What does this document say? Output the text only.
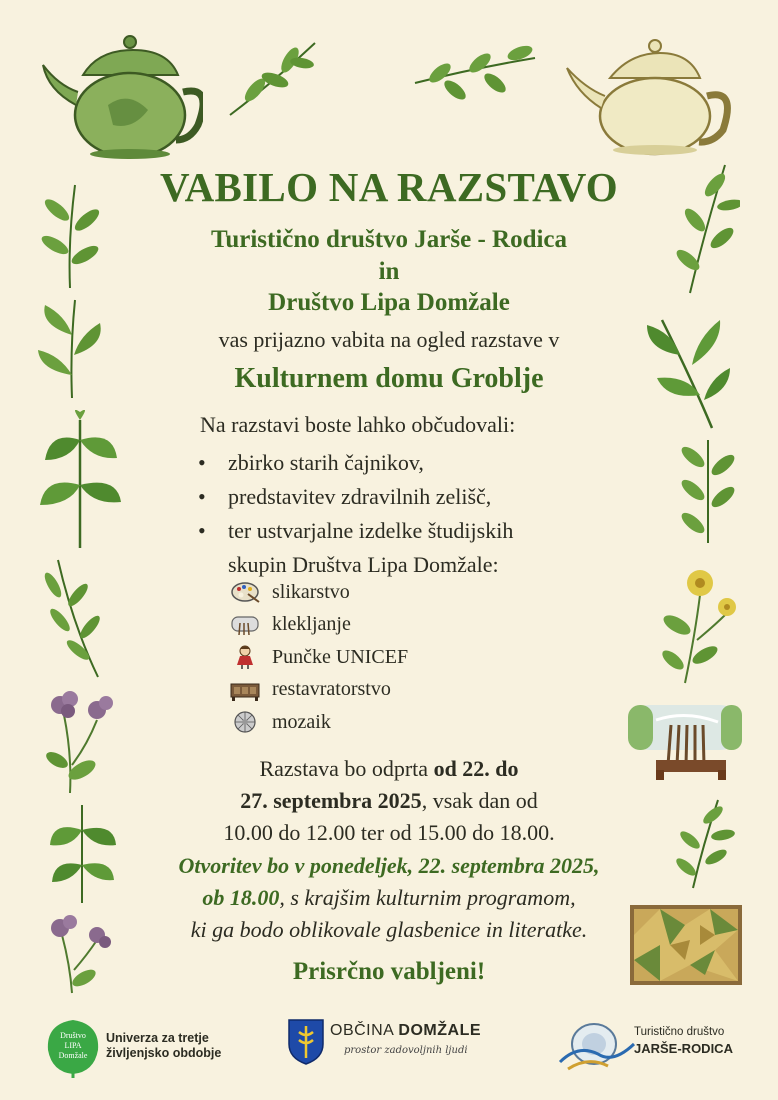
VABILO NA RAZSTAVO
Turistično društvo Jarše - Rodica
in
Društvo Lipa Domžale
vas prijazno vabita na ogled razstave v
Kulturnem domu Groblje
Na razstavi boste lahko občudovali:
• zbirko starih čajnikov,
• predstavitev zdravilnih zelišč,
• ter ustvarjalne izdelke študijskih
skupin Društva Lipa Domžale:
slikarstvo
klekljanje
Punčke UNICEF
restavratorstvo
mozaik
Razstava bo odprta od 22. do
27. septembra 2025, vsak dan od
10.00 do 12.00 ter od 15.00 do 18.00.
Otvoritev bo v ponedeljek, 22. septembra 2025,
ob 18.00, s krajšim kulturnim programom,
ki ga bodo oblikovale glasbenice in literatke.
Prisrčno vabljeni!
Društvo
LIPA
Domžale
Univerza za tretje
življenjsko obdobje
OBČINA DOMŽALE
prostor zadovoljnih ljudi
Turistično društvo
JARŠE-RODICA
